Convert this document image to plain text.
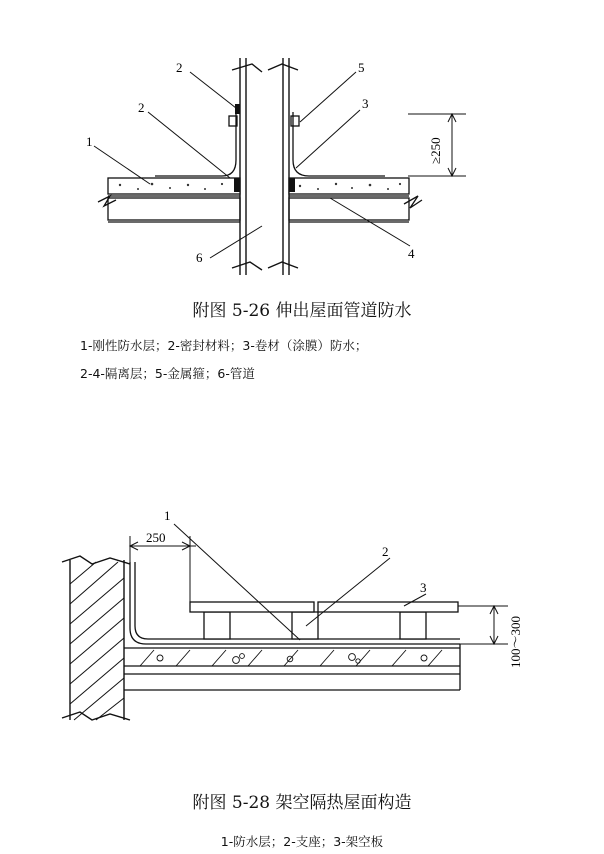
≥250
1
2
2	3
4
5
6
附图 5-26 伸出屋面管道防水
1-刚性防水层；2-密封材料；3-卷材（涂膜）防水；
2-4-隔离层；5-金属箍；6-管道
250
100～300
1
2
3
附图 5-28 架空隔热屋面构造
1-防水层；2-支座；3-架空板
